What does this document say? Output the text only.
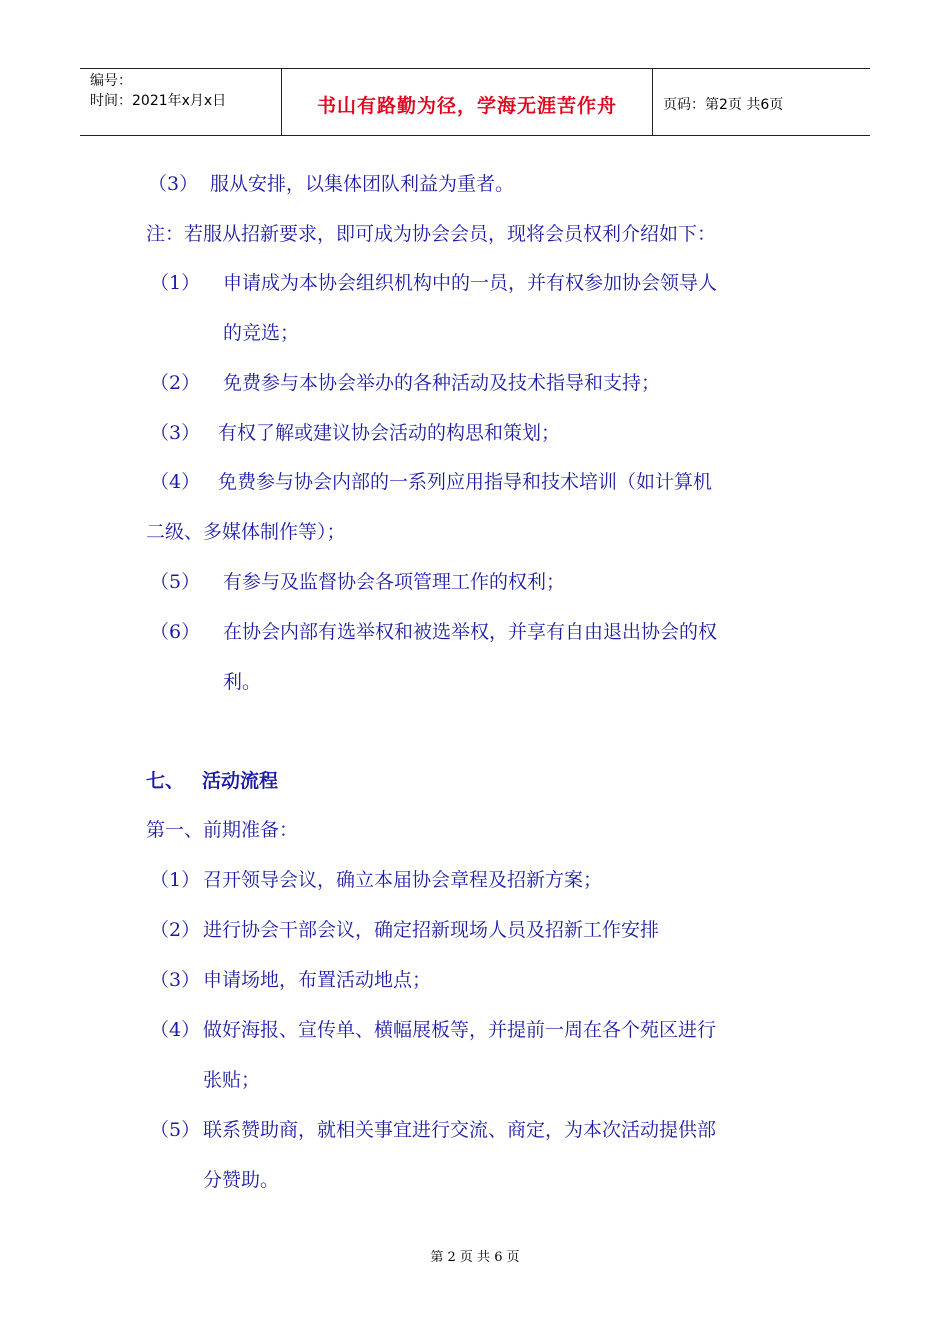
编号：
时间：2021年x月x日	书山有路勤为径，学海无涯苦作舟	页码：第2页 共6页
（3） 服从安排，以集体团队利益为重者。
注：若服从招新要求，即可成为协会会员，现将会员权利介绍如下：
（1） 申请成为本协会组织机构中的一员，并有权参加协会领导人
的竞选；
（2） 免费参与本协会举办的各种活动及技术指导和支持；
（3） 有权了解或建议协会活动的构思和策划；
（4） 免费参与协会内部的一系列应用指导和技术培训（如计算机
二级、多媒体制作等）；
（5） 有参与及监督协会各项管理工作的权利；
（6） 在协会内部有选举权和被选举权，并享有自由退出协会的权
利。
七、 活动流程
第一、前期准备：
（1） 召开领导会议，确立本届协会章程及招新方案；
（2） 进行协会干部会议，确定招新现场人员及招新工作安排
（3） 申请场地，布置活动地点；
（4） 做好海报、宣传单、横幅展板等，并提前一周在各个苑区进行
张贴；
（5） 联系赞助商，就相关事宜进行交流、商定，为本次活动提供部
分赞助。
第 2 页 共 6 页
